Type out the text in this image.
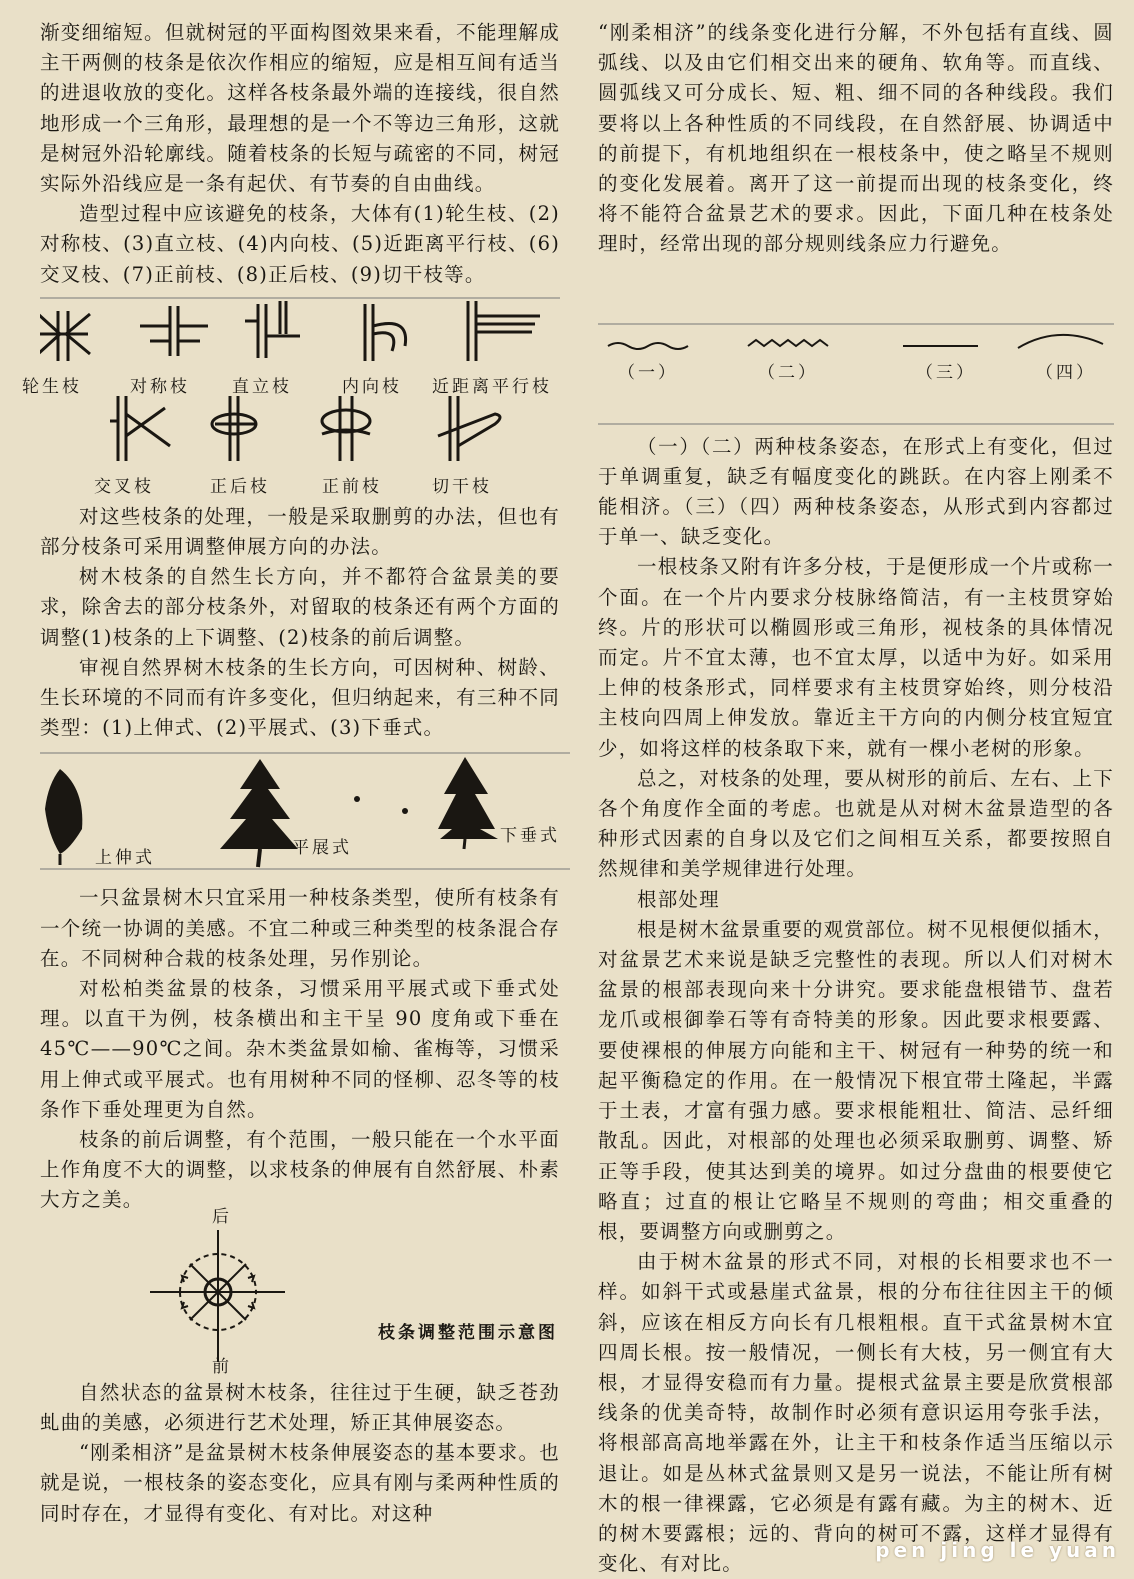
渐变细缩短。但就树冠的平面构图效果来看，不能理解成主干两侧的枝条是依次作相应的缩短，应是相互间有适当的进退收放的变化。这样各枝条最外端的连接线，很自然地形成一个三角形，最理想的是一个不等边三角形，这就是树冠外沿轮廓线。随着枝条的长短与疏密的不同，树冠实际外沿线应是一条有起伏、有节奏的自由曲线。

造型过程中应该避免的枝条，大体有(1)轮生枝、(2)对称枝、(3)直立枝、(4)内向枝、(5)近距离平行枝、(6)交叉枝、(7)正前枝、(8)正后枝、(9)切干枝等。

轮生枝	对称枝 直立枝	内向枝 近距离平行枝
交叉枝	正后枝	正前枝	切干枝

对这些枝条的处理，一般是采取删剪的办法，但也有部分枝条可采用调整伸展方向的办法。

树木枝条的自然生长方向，并不都符合盆景美的要求，除舍去的部分枝条外，对留取的枝条还有两个方面的调整(1)枝条的上下调整、(2)枝条的前后调整。

审视自然界树木枝条的生长方向，可因树种、树龄、生长环境的不同而有许多变化，但归纳起来，有三种不同类型：(1)上伸式、(2)平展式、(3)下垂式。

上伸式	平展式
下垂式

一只盆景树木只宜采用一种枝条类型，使所有枝条有一个统一协调的美感。不宜二种或三种类型的枝条混合存在。不同树种合栽的枝条处理，另作别论。

对松柏类盆景的枝条，习惯采用平展式或下垂式处理。以直干为例，枝条横出和主干呈 90 度角或下垂在 45℃——90℃之间。杂木类盆景如榆、雀梅等，习惯采用上伸式或平展式。也有用树种不同的怪柳、忍冬等的枝条作下垂处理更为自然。

枝条的前后调整，有个范围，一般只能在一个水平面上作角度不大的调整，以求枝条的伸展有自然舒展、朴素大方之美。

后
前
枝条调整范围示意图

自然状态的盆景树木枝条，往往过于生硬，缺乏苍劲虬曲的美感，必须进行艺术处理，矫正其伸展姿态。

“刚柔相济”是盆景树木枝条伸展姿态的基本要求。也就是说，一根枝条的姿态变化，应具有刚与柔两种性质的同时存在，才显得有变化、有对比。对这种

“刚柔相济”的线条变化进行分解，不外包括有直线、圆弧线、以及由它们相交出来的硬角、软角等。而直线、圆弧线又可分成长、短、粗、细不同的各种线段。我们要将以上各种性质的不同线段，在自然舒展、协调适中的前提下，有机地组织在一根枝条中，使之略呈不规则的变化发展着。离开了这一前提而出现的枝条变化，终将不能符合盆景艺术的要求。因此，下面几种在枝条处理时，经常出现的部分规则线条应力行避免。

（一）	（二）	（三）	（四）

（一）（二）两种枝条姿态，在形式上有变化，但过于单调重复，缺乏有幅度变化的跳跃。在内容上刚柔不能相济。（三）（四）两种枝条姿态，从形式到内容都过于单一、缺乏变化。

一根枝条又附有许多分枝，于是便形成一个片或称一个面。在一个片内要求分枝脉络简洁，有一主枝贯穿始终。片的形状可以椭圆形或三角形，视枝条的具体情况而定。片不宜太薄，也不宜太厚，以适中为好。如采用上伸的枝条形式，同样要求有主枝贯穿始终，则分枝沿主枝向四周上伸发放。靠近主干方向的内侧分枝宜短宜少，如将这样的枝条取下来，就有一棵小老树的形象。

总之，对枝条的处理，要从树形的前后、左右、上下各个角度作全面的考虑。也就是从对树木盆景造型的各种形式因素的自身以及它们之间相互关系，都要按照自然规律和美学规律进行处理。

根部处理

根是树木盆景重要的观赏部位。树不见根便似插木，对盆景艺术来说是缺乏完整性的表现。所以人们对树木盆景的根部表现向来十分讲究。要求能盘根错节、盘若龙爪或根御拳石等有奇特美的形象。因此要求根要露、要使裸根的伸展方向能和主干、树冠有一种势的统一和起平衡稳定的作用。在一般情况下根宜带土隆起，半露于土表，才富有强力感。要求根能粗壮、简洁、忌纤细散乱。因此，对根部的处理也必须采取删剪、调整、矫正等手段，使其达到美的境界。如过分盘曲的根要使它略直；过直的根让它略呈不规则的弯曲；相交重叠的根，要调整方向或删剪之。

由于树木盆景的形式不同，对根的长相要求也不一样。如斜干式或悬崖式盆景，根的分布往往因主干的倾斜，应该在相反方向长有几根粗根。直干式盆景树木宜四周长根。按一般情况，一侧长有大枝，另一侧宜有大根，才显得安稳而有力量。提根式盆景主要是欣赏根部线条的优美奇特，故制作时必须有意识运用夸张手法，将根部高高地举露在外，让主干和枝条作适当压缩以示退让。如是丛林式盆景则又是另一说法，不能让所有树木的根一律裸露，它必须是有露有藏。为主的树木、近的树木要露根；远的、背向的树可不露，这样才显得有变化、有对比。

pen jing le yuan
